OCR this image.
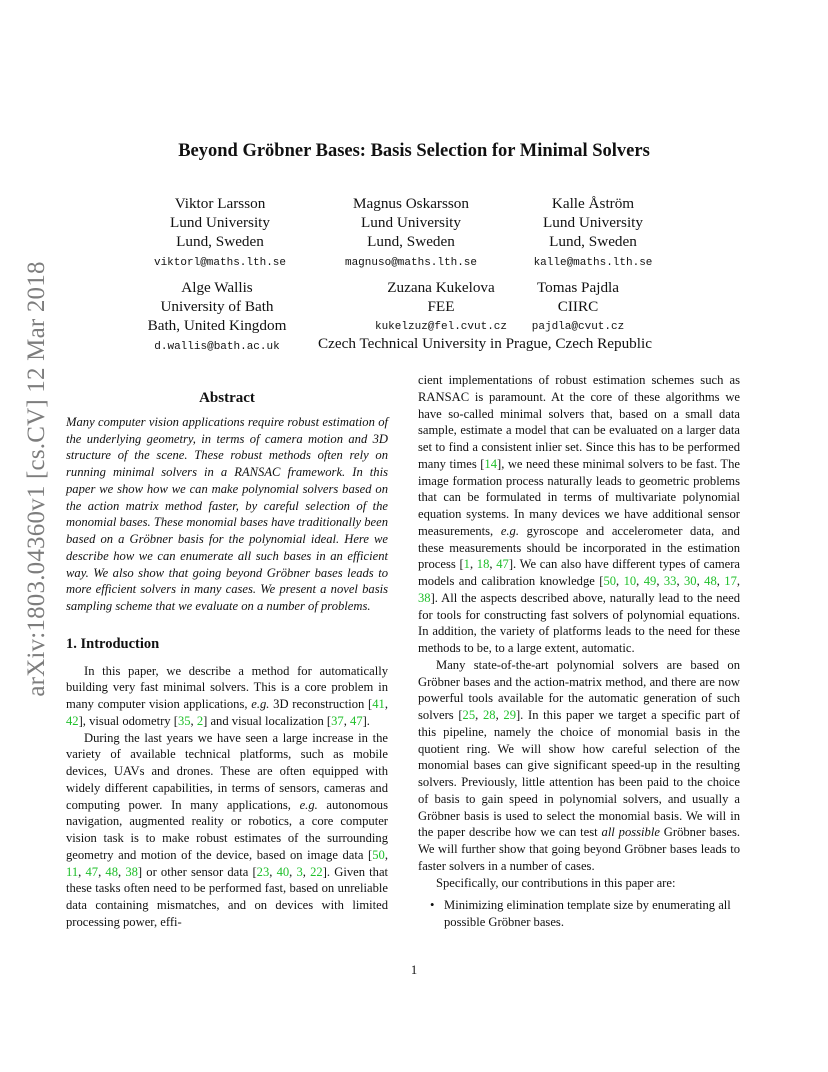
arXiv:1803.04360v1 [cs.CV] 12 Mar 2018
Beyond Gröbner Bases: Basis Selection for Minimal Solvers
Viktor Larsson
Lund University
Lund, Sweden
viktorl@maths.lth.se
Magnus Oskarsson
Lund University
Lund, Sweden
magnuso@maths.lth.se
Kalle Åström
Lund University
Lund, Sweden
kalle@maths.lth.se
Alge Wallis
University of Bath
Bath, United Kingdom
d.wallis@bath.ac.uk
Zuzana Kukelova
FEE
kukelzuz@fel.cvut.cz
Tomas Pajdla
CIIRC
pajdla@cvut.cz
Czech Technical University in Prague, Czech Republic
Abstract

Many computer vision applications require robust estimation of the underlying geometry, in terms of camera motion and 3D structure of the scene. These robust methods often rely on running minimal solvers in a RANSAC framework. In this paper we show how we can make polynomial solvers based on the action matrix method faster, by careful selection of the monomial bases. These monomial bases have traditionally been based on a Gröbner basis for the polynomial ideal. Here we describe how we can enumerate all such bases in an efficient way. We also show that going beyond Gröbner bases leads to more efficient solvers in many cases. We present a novel basis sampling scheme that we evaluate on a number of problems.

1. Introduction

In this paper, we describe a method for automatically building very fast minimal solvers. This is a core problem in many computer vision applications, e.g. 3D reconstruction [41, 42], visual odometry [35, 2] and visual localization [37, 47].

During the last years we have seen a large increase in the variety of available technical platforms, such as mobile devices, UAVs and drones. These are often equipped with widely different capabilities, in terms of sensors, cameras and computing power. In many applications, e.g. autonomous navigation, augmented reality or robotics, a core computer vision task is to make robust estimates of the surrounding geometry and motion of the device, based on image data [50, 11, 47, 48, 38] or other sensor data [23, 40, 3, 22]. Given that these tasks often need to be performed fast, based on unreliable data containing mismatches, and on devices with limited processing power, effi-

cient implementations of robust estimation schemes such as RANSAC is paramount. At the core of these algorithms we have so-called minimal solvers that, based on a small data sample, estimate a model that can be evaluated on a larger data set to find a consistent inlier set. Since this has to be performed many times [14], we need these minimal solvers to be fast. The image formation process naturally leads to geometric problems that can be formulated in terms of multivariate polynomial equation systems. In many devices we have additional sensor measurements, e.g. gyroscope and accelerometer data, and these measurements should be incorporated in the estimation process [1, 18, 47]. We can also have different types of camera models and calibration knowledge [50, 10, 49, 33, 30, 48, 17, 38]. All the aspects described above, naturally lead to the need for tools for constructing fast solvers of polynomial equations. In addition, the variety of platforms leads to the need for these methods to be, to a large extent, automatic.

Many state-of-the-art polynomial solvers are based on Gröbner bases and the action-matrix method, and there are now powerful tools available for the automatic generation of such solvers [25, 28, 29]. In this paper we target a specific part of this pipeline, namely the choice of monomial basis in the quotient ring. We will show how careful selection of the monomial bases can give significant speed-up in the resulting solvers. Previously, little attention has been paid to the choice of basis to gain speed in polynomial solvers, and usually a Gröbner basis is used to select the monomial basis. We will in the paper describe how we can test all possible Gröbner bases. We will further show that going beyond Gröbner bases leads to faster solvers in a number of cases.

Specifically, our contributions in this paper are:

• Minimizing elimination template size by enumerating all possible Gröbner bases.
1
